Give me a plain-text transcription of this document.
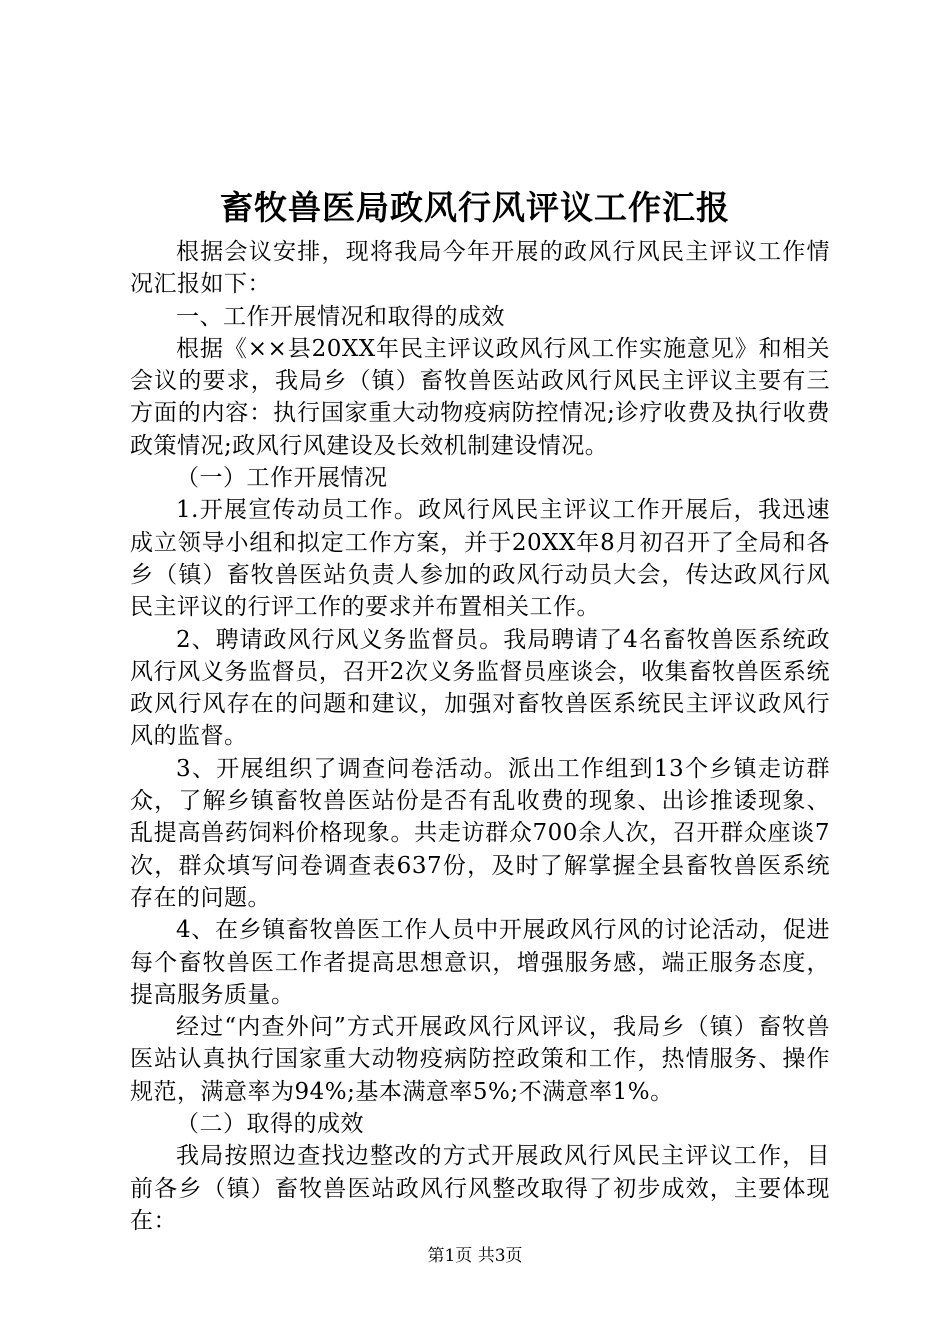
畜牧兽医局政风行风评议工作汇报

根据会议安排，现将我局今年开展的政风行风民主评议工作情况汇报如下：

一、工作开展情况和取得的成效

根据《××县20XX年民主评议政风行风工作实施意见》和相关会议的要求，我局乡（镇）畜牧兽医站政风行风民主评议主要有三方面的内容：执行国家重大动物疫病防控情况;诊疗收费及执行收费政策情况;政风行风建设及长效机制建设情况。

（一）工作开展情况

1.开展宣传动员工作。政风行风民主评议工作开展后，我迅速成立领导小组和拟定工作方案，并于20XX年8月初召开了全局和各乡（镇）畜牧兽医站负责人参加的政风行动员大会，传达政风行风民主评议的行评工作的要求并布置相关工作。

2、聘请政风行风义务监督员。我局聘请了4名畜牧兽医系统政风行风义务监督员，召开2次义务监督员座谈会，收集畜牧兽医系统政风行风存在的问题和建议，加强对畜牧兽医系统民主评议政风行风的监督。

3、开展组织了调查问卷活动。派出工作组到13个乡镇走访群众，了解乡镇畜牧兽医站份是否有乱收费的现象、出诊推诿现象、乱提高兽药饲料价格现象。共走访群众700余人次，召开群众座谈7次，群众填写问卷调查表637份，及时了解掌握全县畜牧兽医系统存在的问题。

4、在乡镇畜牧兽医工作人员中开展政风行风的讨论活动，促进每个畜牧兽医工作者提高思想意识，增强服务感，端正服务态度，提高服务质量。

经过“内查外问”方式开展政风行风评议，我局乡（镇）畜牧兽医站认真执行国家重大动物疫病防控政策和工作，热情服务、操作规范，满意率为94%;基本满意率5%;不满意率1%。

（二）取得的成效

我局按照边查找边整改的方式开展政风行风民主评议工作，目前各乡（镇）畜牧兽医站政风行风整改取得了初步成效，主要体现在：

第1页 共3页
